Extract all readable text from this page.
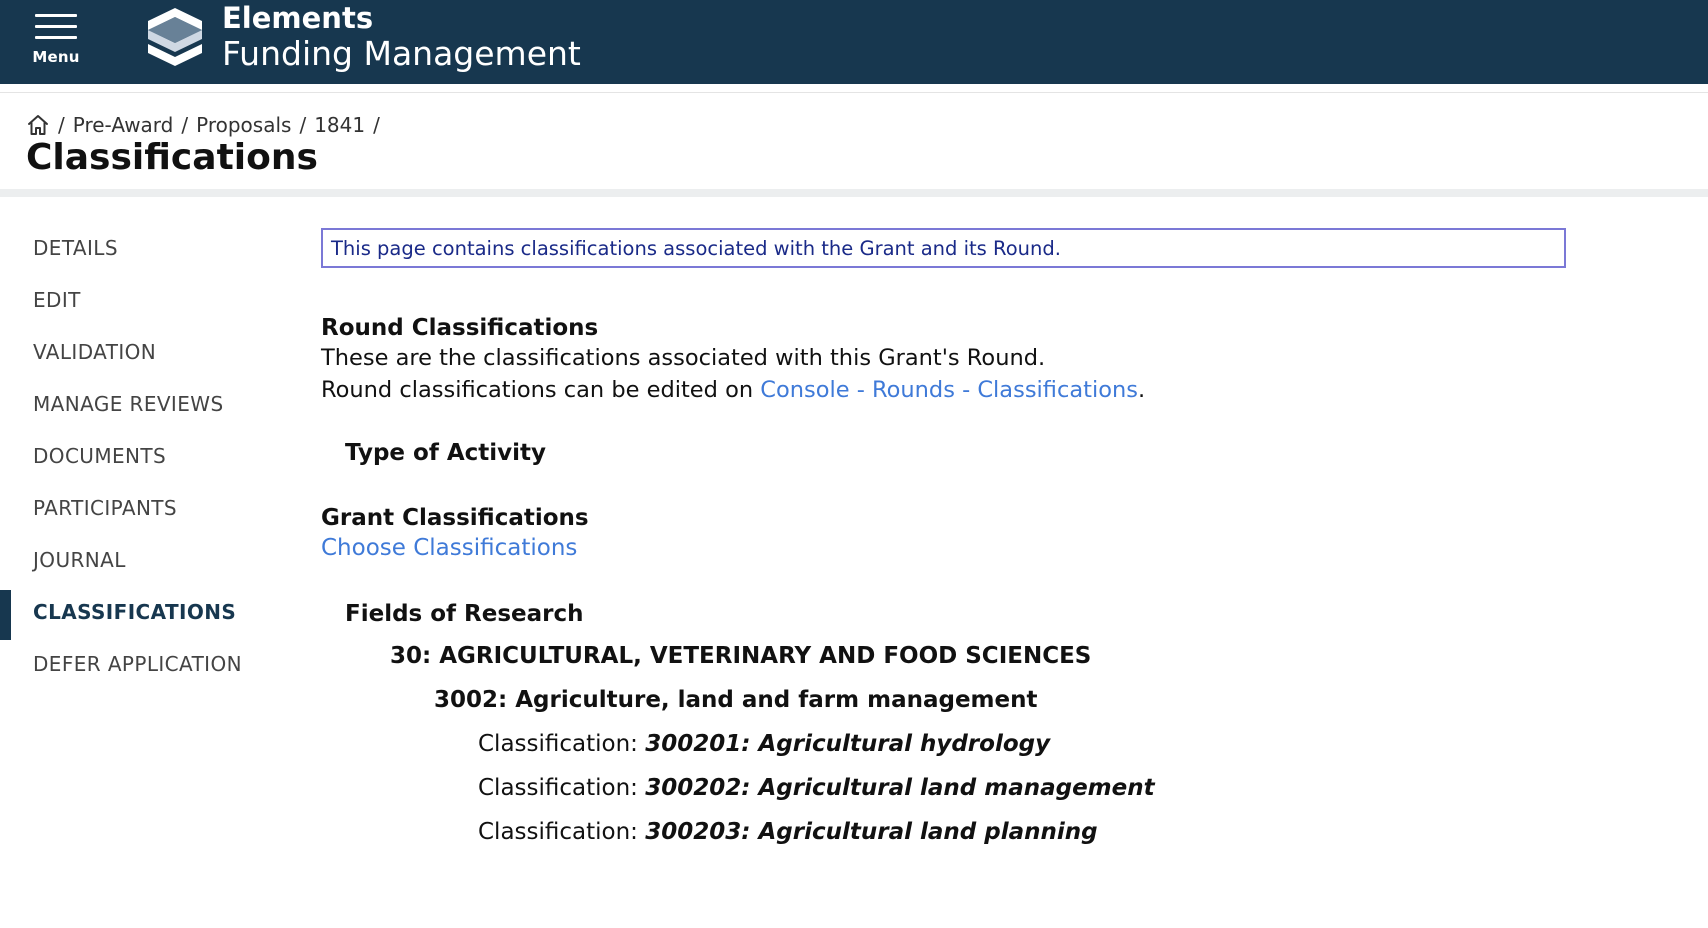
Menu
Elements
Funding Management
/ Pre-Award / Proposals / 1841 /
Classifications
DETAILS
EDIT
VALIDATION
MANAGE REVIEWS
DOCUMENTS
PARTICIPANTS
JOURNAL
CLASSIFICATIONS
DEFER APPLICATION
This page contains classifications associated with the Grant and its Round.
Round Classifications
These are the classifications associated with this Grant's Round.
Round classifications can be edited on Console - Rounds - Classifications.
Type of Activity
Grant Classifications
Choose Classifications
Fields of Research
30: AGRICULTURAL, VETERINARY AND FOOD SCIENCES
3002: Agriculture, land and farm management
Classification: 300201: Agricultural hydrology
Classification: 300202: Agricultural land management
Classification: 300203: Agricultural land planning
